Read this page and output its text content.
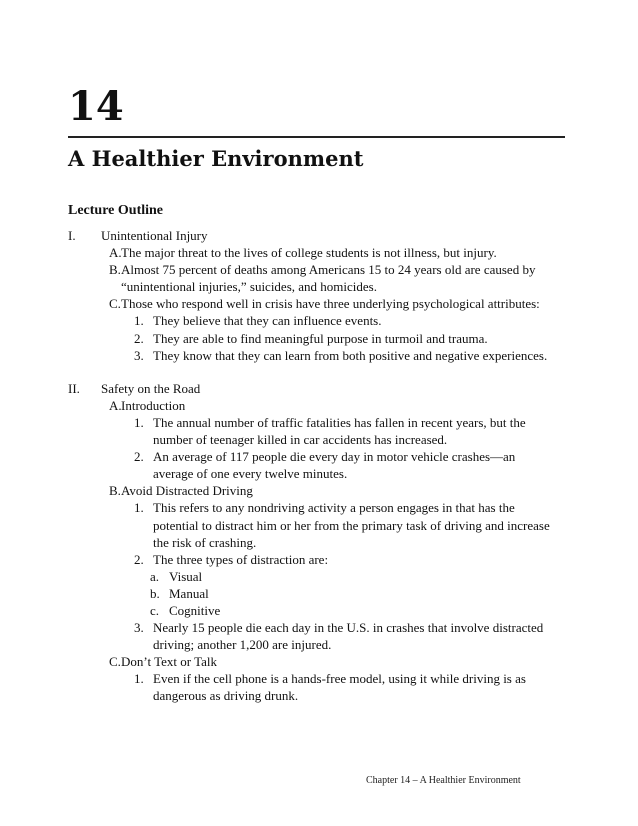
14
A Healthier Environment
Lecture Outline
I. Unintentional Injury
A. The major threat to the lives of college students is not illness, but injury.
B. Almost 75 percent of deaths among Americans 15 to 24 years old are caused by “unintentional injuries,” suicides, and homicides.
C. Those who respond well in crisis have three underlying psychological attributes:
1. They believe that they can influence events.
2. They are able to find meaningful purpose in turmoil and trauma.
3. They know that they can learn from both positive and negative experiences.
II. Safety on the Road
A. Introduction
1. The annual number of traffic fatalities has fallen in recent years, but the number of teenager killed in car accidents has increased.
2. An average of 117 people die every day in motor vehicle crashes—an average of one every twelve minutes.
B. Avoid Distracted Driving
1. This refers to any nondriving activity a person engages in that has the potential to distract him or her from the primary task of driving and increase the risk of crashing.
2. The three types of distraction are:
a. Visual
b. Manual
c. Cognitive
3. Nearly 15 people die each day in the U.S. in crashes that involve distracted driving; another 1,200 are injured.
C. Don’t Text or Talk
1. Even if the cell phone is a hands-free model, using it while driving is as dangerous as driving drunk.
Chapter 14 – A Healthier Environment
